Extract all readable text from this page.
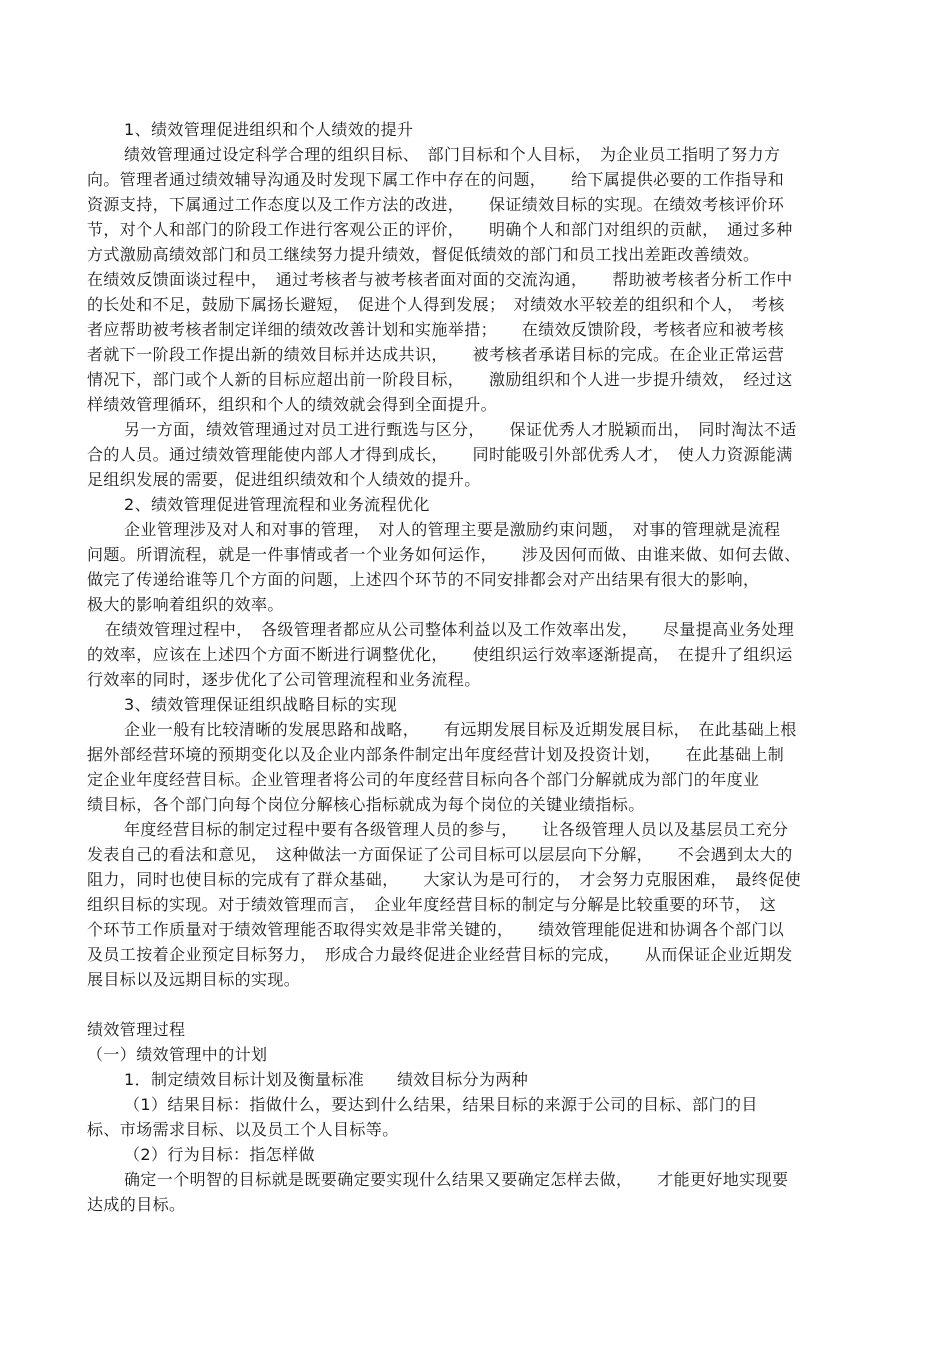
1、绩效管理促进组织和个人绩效的提升
绩效管理通过设定科学合理的组织目标、　部门目标和个人目标，　为企业员工指明了努力方
向。管理者通过绩效辅导沟通及时发现下属工作中存在的问题，　　给下属提供必要的工作指导和
资源支持，下属通过工作态度以及工作方法的改进，　　保证绩效目标的实现。在绩效考核评价环
节，对个人和部门的阶段工作进行客观公正的评价，　　明确个人和部门对组织的贡献，　通过多种
方式激励高绩效部门和员工继续努力提升绩效，督促低绩效的部门和员工找出差距改善绩效。
在绩效反馈面谈过程中，　通过考核者与被考核者面对面的交流沟通，　　帮助被考核者分析工作中
的长处和不足，鼓励下属扬长避短，　促进个人得到发展；　对绩效水平较差的组织和个人，　考核
者应帮助被考核者制定详细的绩效改善计划和实施举措；　　在绩效反馈阶段，考核者应和被考核
者就下一阶段工作提出新的绩效目标并达成共识，　　被考核者承诺目标的完成。在企业正常运营
情况下，部门或个人新的目标应超出前一阶段目标，　　激励组织和个人进一步提升绩效，　经过这
样绩效管理循环，组织和个人的绩效就会得到全面提升。
另一方面，绩效管理通过对员工进行甄选与区分，　　保证优秀人才脱颖而出，　同时淘汰不适
合的人员。通过绩效管理能使内部人才得到成长，　　同时能吸引外部优秀人才，　使人力资源能满
足组织发展的需要，促进组织绩效和个人绩效的提升。
2、绩效管理促进管理流程和业务流程优化
企业管理涉及对人和对事的管理，　对人的管理主要是激励约束问题，　对事的管理就是流程
问题。所谓流程，就是一件事情或者一个业务如何运作，　　涉及因何而做、由谁来做、如何去做、
做完了传递给谁等几个方面的问题，上述四个环节的不同安排都会对产出结果有很大的影响，
极大的影响着组织的效率。
在绩效管理过程中，　各级管理者都应从公司整体利益以及工作效率出发，　　尽量提高业务处理
的效率，应该在上述四个方面不断进行调整优化，　　使组织运行效率逐渐提高，　在提升了组织运
行效率的同时，逐步优化了公司管理流程和业务流程。
3、绩效管理保证组织战略目标的实现
企业一般有比较清晰的发展思路和战略，　　有远期发展目标及近期发展目标，　在此基础上根
据外部经营环境的预期变化以及企业内部条件制定出年度经营计划及投资计划，　　在此基础上制
定企业年度经营目标。企业管理者将公司的年度经营目标向各个部门分解就成为部门的年度业
绩目标，各个部门向每个岗位分解核心指标就成为每个岗位的关键业绩指标。
年度经营目标的制定过程中要有各级管理人员的参与，　　让各级管理人员以及基层员工充分
发表自己的看法和意见，　这种做法一方面保证了公司目标可以层层向下分解，　　不会遇到太大的
阻力，同时也使目标的完成有了群众基础，　　大家认为是可行的，　才会努力克服困难，　最终促使
组织目标的实现。对于绩效管理而言，　企业年度经营目标的制定与分解是比较重要的环节，　这
个环节工作质量对于绩效管理能否取得实效是非常关键的，　　绩效管理能促进和协调各个部门以
及员工按着企业预定目标努力，　形成合力最终促进企业经营目标的完成，　　从而保证企业近期发
展目标以及远期目标的实现。
绩效管理过程
（一）绩效管理中的计划
1．制定绩效目标计划及衡量标准　　绩效目标分为两种
（1）结果目标：指做什么，要达到什么结果，结果目标的来源于公司的目标、部门的目
标、市场需求目标、以及员工个人目标等。
（2）行为目标：指怎样做
确定一个明智的目标就是既要确定要实现什么结果又要确定怎样去做，　　才能更好地实现要
达成的目标。
